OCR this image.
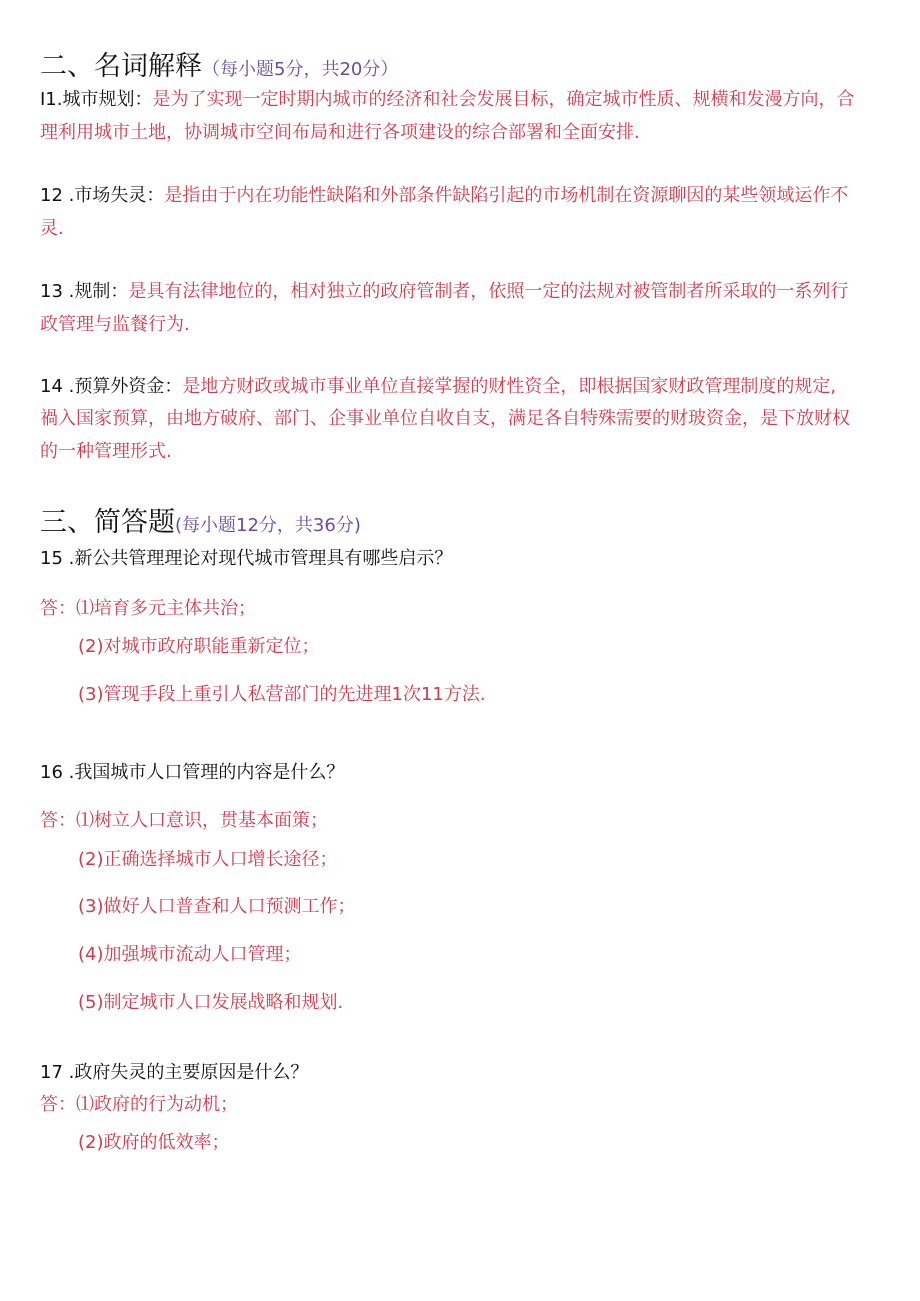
二、名词解释（每小题5分，共20分）
I1.城市规划：是为了实现一定时期内城市的经济和社会发展目标，确定城市性质、规横和发漫方向，合
理利用城市土地，协调城市空间布局和进行各项建设的综合部署和全面安排.
12 .市场失灵：是指由于内在功能性缺陷和外部条件缺陷引起的市场机制在资源聊因的某些领域运作不
灵.
13 .规制：是具有法律地位的，相对独立的政府管制者，依照一定的法规对被管制者所采取的一系列行
政管理与监餐行为.
14 .预算外资金：是地方财政或城市事业单位直接掌握的财性资全，即根据国家财政管理制度的规定,
禍入国家预算，由地方破府、部门、企事业单位自收自支，满足各自特殊需要的财玻资金，是下放财权
的一种管理形式.
三、简答题(每小题12分，共36分)
15 .新公共管理理论对现代城市管理具有哪些启示？
答：⑴培育多元主体共治；
(2)对城市政府职能重新定位；
(3)管现手段上重引人私营部门的先进理1次11方法.
16 .我国城市人口管理的内容是什么？
答：⑴树立人口意识，贯基本面策；
(2)正确选择城市人口增长途径；
(3)做好人口普查和人口预测工作；
(4)加强城市流动人口管理；
(5)制定城市人口发展战略和规划.
17 .政府失灵的主要原因是什么？
答：⑴政府的行为动机；
(2)政府的低效率；
